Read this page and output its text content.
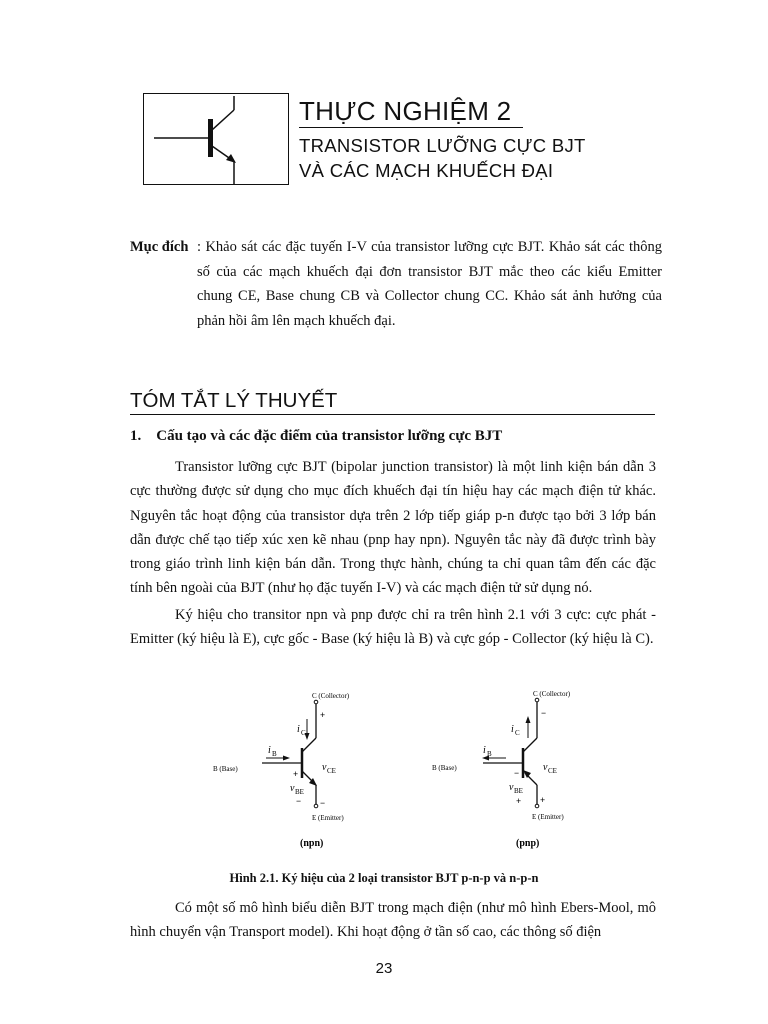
THỰC NGHIỆM 2
TRANSISTOR LƯỠNG CỰC BJT
VÀ CÁC MẠCH KHUẾCH ĐẠI
Mục đích : Khảo sát các đặc tuyến I-V của transistor lưỡng cực BJT. Khảo sát các thông số của các mạch khuếch đại đơn transistor BJT mắc theo các kiểu Emitter chung CE, Base chung CB và Collector chung CC. Khảo sát ảnh hưởng của phản hồi âm lên mạch khuếch đại.
TÓM TẮT LÝ THUYẾT
1.    Cấu tạo và các đặc điểm của transistor lưỡng cực BJT
Transistor lưỡng cực BJT (bipolar junction transistor) là một linh kiện bán dẫn 3 cực thường được sử dụng cho mục đích khuếch đại tín hiệu hay các mạch điện tử khác. Nguyên tắc hoạt động của transistor dựa trên 2 lớp tiếp giáp p-n được tạo bởi 3 lớp bán dẫn được chế tạo tiếp xúc xen kẽ nhau (pnp hay npn). Nguyên tắc này đã được trình bày trong giáo trình linh kiện bán dẫn. Trong thực hành, chúng ta chỉ quan tâm đến các đặc tính bên ngoài của BJT (như họ đặc tuyến I-V) và các mạch điện tử sử dụng nó.
Ký hiệu cho transitor npn và pnp được chỉ ra trên hình 2.1 với 3 cực: cực phát - Emitter (ký hiệu là E), cực gốc - Base (ký hiệu là B) và cực góp - Collector (ký hiệu là C).
C (Collector)
+
i C
i B
B (Base)	+
v CE
v BE
− −
E (Emitter)
(npn)
C (Collector)
−
i C
i B
B (Base)	− v CE
v BE
+ +
E (Emitter)
(pnp)
Hình 2.1. Ký hiệu của 2 loại transistor BJT p-n-p và n-p-n
Có một số mô hình biểu diễn BJT trong mạch điện (như mô hình Ebers-Mool, mô hình chuyển vận Transport model). Khi hoạt động ở tần số cao, các thông số điện
23
